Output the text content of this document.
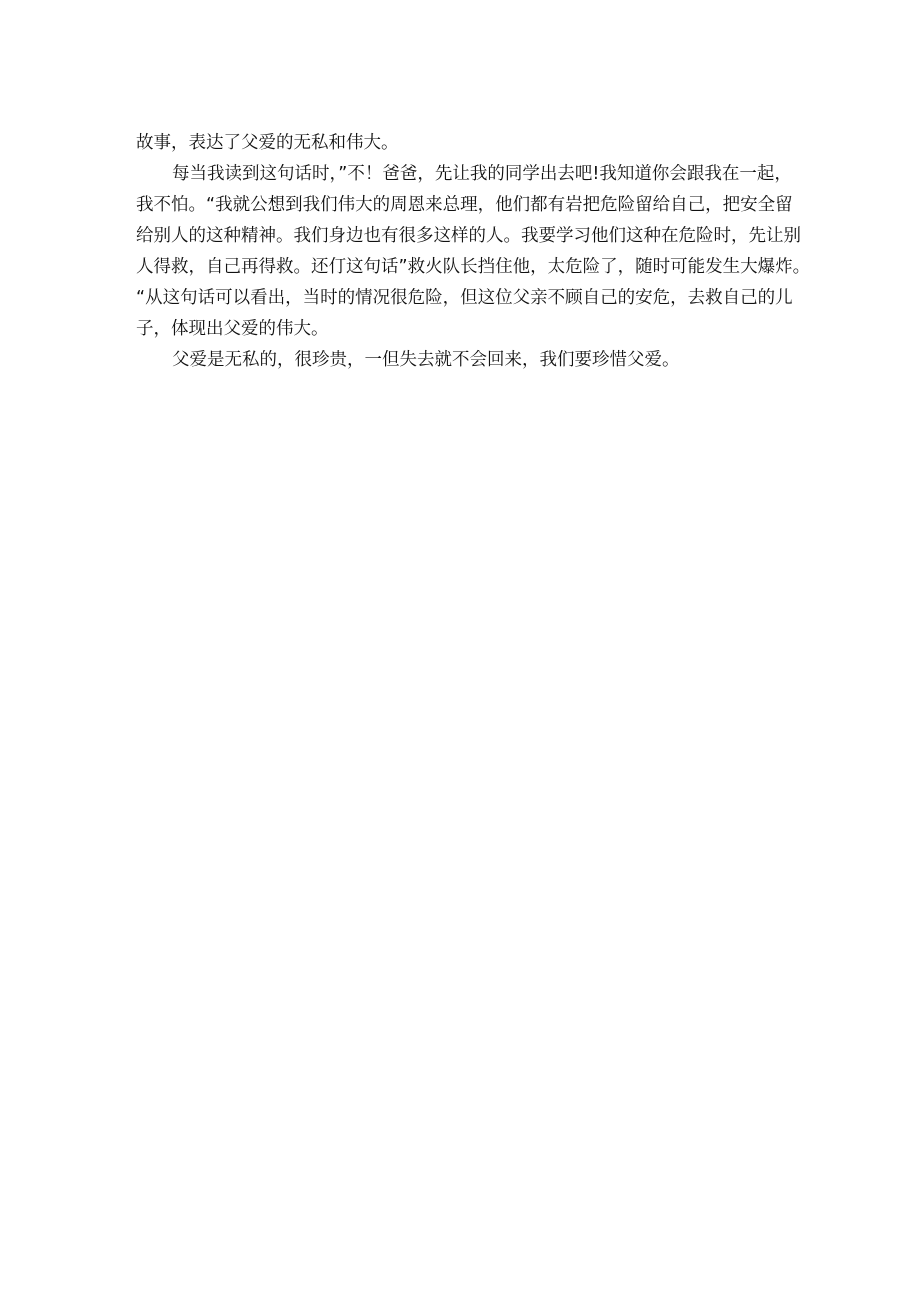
故事，表达了父爱的无私和伟大。
每当我读到这句话时，”不！爸爸，先让我的同学出去吧!我知道你会跟我在一起，
我不怕。“我就公想到我们伟大的周恩来总理，他们都有岩把危险留给自己，把安全留
给别人的这种精神。我们身边也有很多这样的人。我要学习他们这种在危险时，先让别
人得救，自己再得救。还仃这句话”救火队长挡住他，太危险了，随时可能发生大爆炸。
“从这句话可以看出，当时的情况很危险，但这位父亲不顾自己的安危，去救自己的儿
子，体现出父爱的伟大。
父爱是无私的，很珍贵，一但失去就不会回来，我们要珍惜父爱。
